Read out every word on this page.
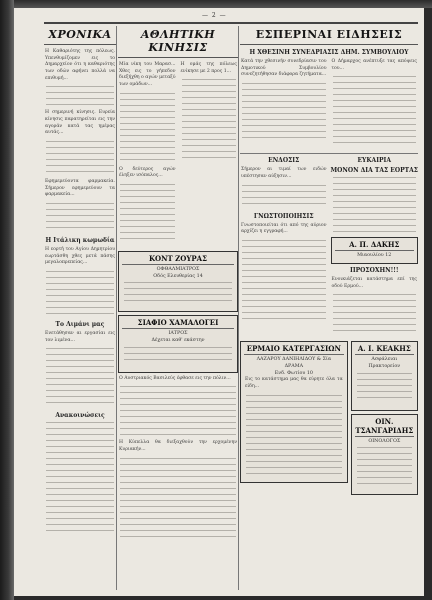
— 2 —
ΧΡΟΝΙΚΑ
Η Καθαριότης της πόλεως. Υπενθυμίζομεν εις το Δημαρχείον ότι η καθαριότης των οδών αφήνει πολλά να επιθυμή...
Η σημερινή κίνησις. Ευρεία κίνησις παρατηρείται εις την αγοράν κατά τας ημέρας αυτάς...
Εφημερεύοντα φαρμακεία. Σήμερον εφημερεύουν τα φαρμακεία...
Η Ιτάλικη κωμωδία
Η εορτή του Αγίου Δημητρίου εωρτάσθη χθες μετά πάσης μεγαλοπρεπείας...
Το Λιμάνι μας
Ενετάθησαν αι εργασίαι εις τον λιμένα...
Ανακοινώσεις
ΑΘΛΗΤΙΚΗ ΚΙΝΗΣΙΣ
Μία νίκη του Μαρασ... Χθες εις το γήπεδον διεξήχθη ο αγών μεταξύ των ομάδων...
Ο δεύτερος αγών έληξεν ισόπαλος...
Η ομάς της πόλεως ενίκησε με 2 προς 1...
ΚΟΝΤ ΖΟΥΡΑΣ
ΟΦΘΑΛΜΙΑΤΡΟΣ
Οδός Ελευθερίας 14
ΣΙΑΦΙΟ ΧΑΜΑΛΟΓΕΙ
ΙΑΤΡΟΣ
Δέχεται καθ' εκάστην
Ο Αυστριακός Βασιλεύς έφθασε εις την πόλιν...
Η Κύπελλα θα διεξαχθούν την ερχομένην Κυριακήν...
ΕΣΠΕΡΙΝΑΙ ΕΙΔΗΣΕΙΣ
Η ΧΘΕΣΙΝΗ ΣΥΝΕΔΡΙΑΣΙΣ ΔΗΜ. ΣΥΜΒΟΥΛΙΟΥ
Κατά την χθεσινήν συνεδρίασιν του Δημοτικού Συμβουλίου συνεζητήθησαν διάφορα ζητήματα...
Ο Δήμαρχος ανέπτυξε τας απόψεις του...
ΕΝΔΟΣΙΣ
Σήμερον αι τιμαί των ειδών υπέστησαν αύξησιν...
ΓΝΩΣΤΟΠΟΙΗΣΙΣ
Γνωστοποιείται ότι από της αύριον αρχίζει η εγγραφή...
ΕΥΚΑΙΡΙΑ
ΜΟΝΟΝ ΔΙΑ ΤΑΣ ΕΟΡΤΑΣ
Α. Π. ΔΑΚΗΣ
Μιαουλίου 12
ΠΡΟΣΟΧΗΝ!!!
Ενοικιάζεται κατάστημα επί της οδού Ερμού...
ΕΡΜΑΙΟ ΚΑΤΕΡΓΑΣΙΩΝ
ΛΑΖΑΡΟΥ ΔΑΝΙΗΛΙΔΟΥ & Σία
ΔΡΑΜΑ
Ενδ. Φωτίου 10
Εις το κατάστημα μας θα εύρητε όλα τα είδη...
Α. Ι. ΚΕΑΚΗΣ
Ασφάλειαι
Πρακτορείον
ΟΙΝ. ΤΣΑΝΓΑΡΙΔΗΣ
ΟΙΝΟΛΟΓΟΣ
